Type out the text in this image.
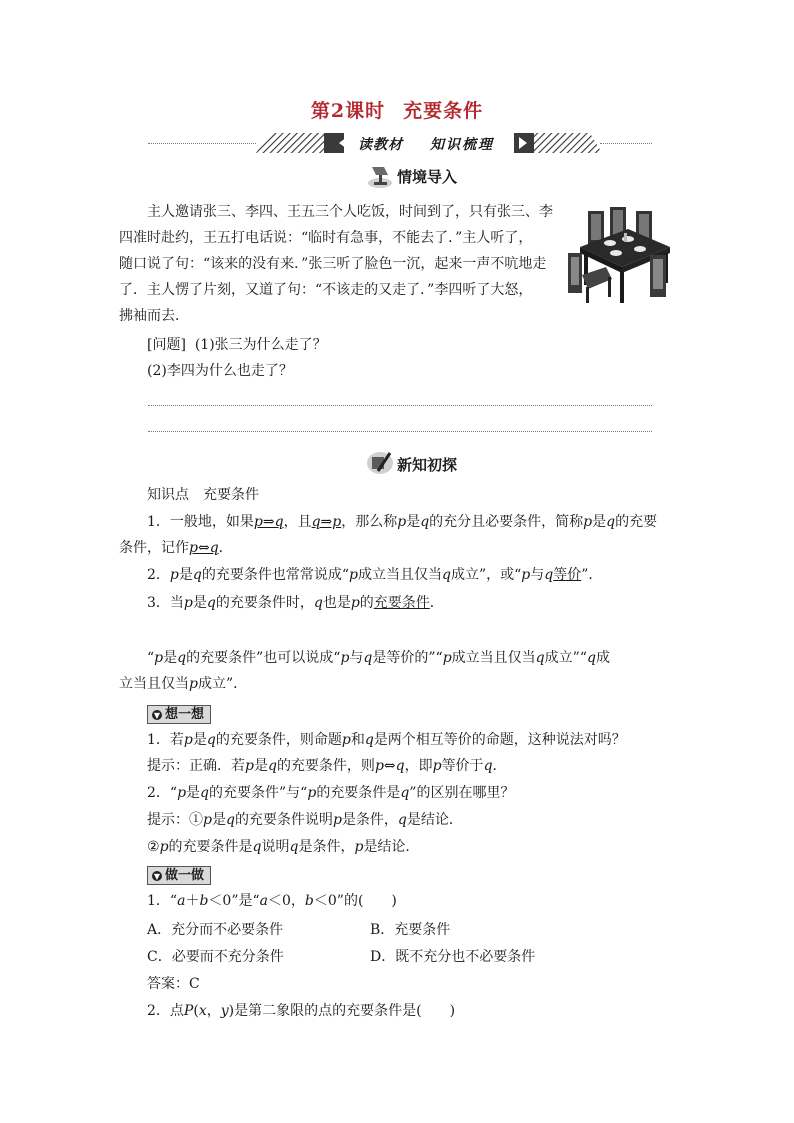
第2课时 充要条件
读教材 知识梳理
情境导入
主人邀请张三、李四、王五三个人吃饭，时间到了，只有张三、李
四准时赴约，王五打电话说：“临时有急事，不能去了．”主人听了，
随口说了句：“该来的没有来．”张三听了脸色一沉，起来一声不吭地走
了．主人愣了片刻，又道了句：“不该走的又走了．”李四听了大怒，
拂袖而去．
[问题] (1)张三为什么走了？
(2)李四为什么也走了？
新知初探
知识点　充要条件
1．一般地，如果p⇒q，且q⇒p，那么称p是q的充分且必要条件，简称p是q的充要
条件，记作p⇔q．
2．p是q的充要条件也常常说成“p成立当且仅当q成立”，或“p与q等价”．
3．当p是q的充要条件时，q也是p的充要条件．
“p是q的充要条件”也可以说成“p与q是等价的”“p成立当且仅当q成立”“q成
立当且仅当p成立”．
▼ 想一想
1．若p是q的充要条件，则命题p和q是两个相互等价的命题，这种说法对吗？
提示：正确．若p是q的充要条件，则p⇔q，即p等价于q．
2．“p是q的充要条件”与“p的充要条件是q”的区别在哪里？
提示：①p是q的充要条件说明p是条件，q是结论．
②p的充要条件是q说明q是条件，p是结论．
▼ 做一做
1．“a＋b＜0”是“a＜0，b＜0”的(　　)
A．充分而不必要条件	B．充要条件
C．必要而不充分条件	D．既不充分也不必要条件
答案：C
2．点P(x，y)是第二象限的点的充要条件是(　　)
